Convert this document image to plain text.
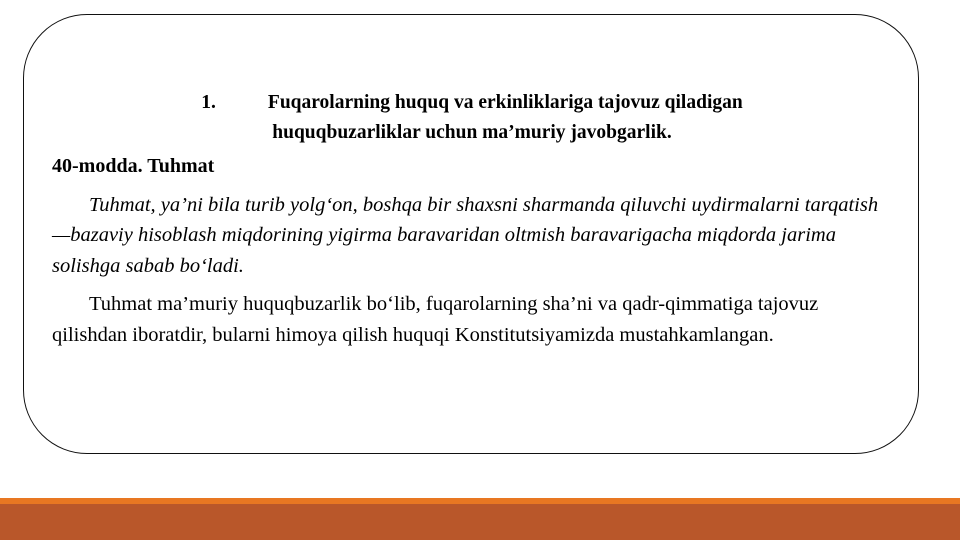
1.	Fuqarolarning huquq va erkinliklariga tajovuz qiladigan
huquqbuzarliklar uchun ma’muriy javobgarlik.

40-modda. Tuhmat

Tuhmat, ya’ni bila turib yolg‘on, boshqa bir shaxsni sharmanda qiluvchi uydirmalarni tarqatish —bazaviy hisoblash miqdorining yigirma baravaridan oltmish baravarigacha miqdorda jarima solishga sabab bo‘ladi.

Tuhmat ma’muriy huquqbuzarlik bo‘lib, fuqarolarning sha’ni va qadr-qimmatiga tajovuz qilishdan iboratdir, bularni himoya qilish huquqi Konstitutsiyamizda mustahkamlangan.
